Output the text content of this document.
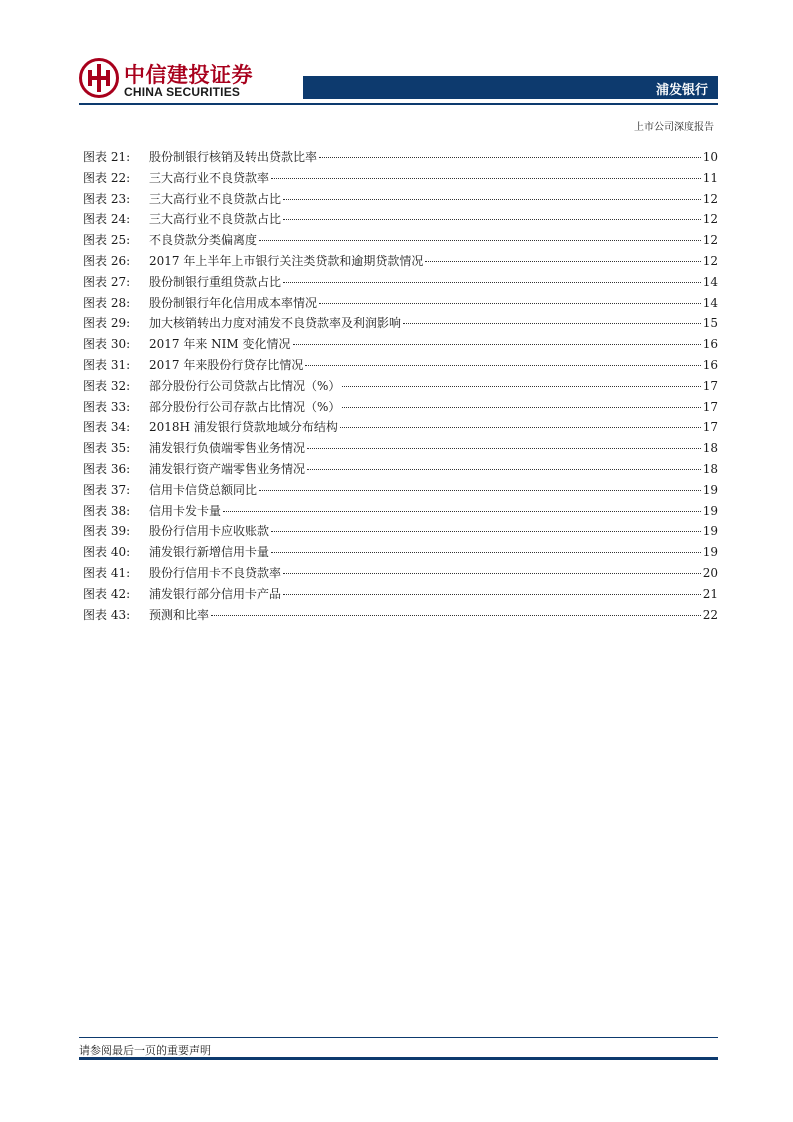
中信建投证券
CHINA SECURITIES	浦发银行
上市公司深度报告
图表 21:	股份制银行核销及转出贷款比率	10
图表 22:	三大高行业不良贷款率	11
图表 23:	三大高行业不良贷款占比	12
图表 24:	三大高行业不良贷款占比	12
图表 25:	不良贷款分类偏离度	12
图表 26:	2017 年上半年上市银行关注类贷款和逾期贷款情况	12
图表 27:	股份制银行重组贷款占比	14
图表 28:	股份制银行年化信用成本率情况	14
图表 29:	加大核销转出力度对浦发不良贷款率及利润影响	15
图表 30:	2017 年来 NIM 变化情况	16
图表 31:	2017 年来股份行贷存比情况	16
图表 32:	部分股份行公司贷款占比情况（%）	17
图表 33:	部分股份行公司存款占比情况（%）	17
图表 34:	2018H 浦发银行贷款地域分布结构	17
图表 35:	浦发银行负债端零售业务情况	18
图表 36:	浦发银行资产端零售业务情况	18
图表 37:	信用卡信贷总额同比	19
图表 38:	信用卡发卡量	19
图表 39:	股份行信用卡应收账款	19
图表 40:	浦发银行新增信用卡量	19
图表 41:	股份行信用卡不良贷款率	20
图表 42:	浦发银行部分信用卡产品	21
图表 43:	预测和比率	22
请参阅最后一页的重要声明
